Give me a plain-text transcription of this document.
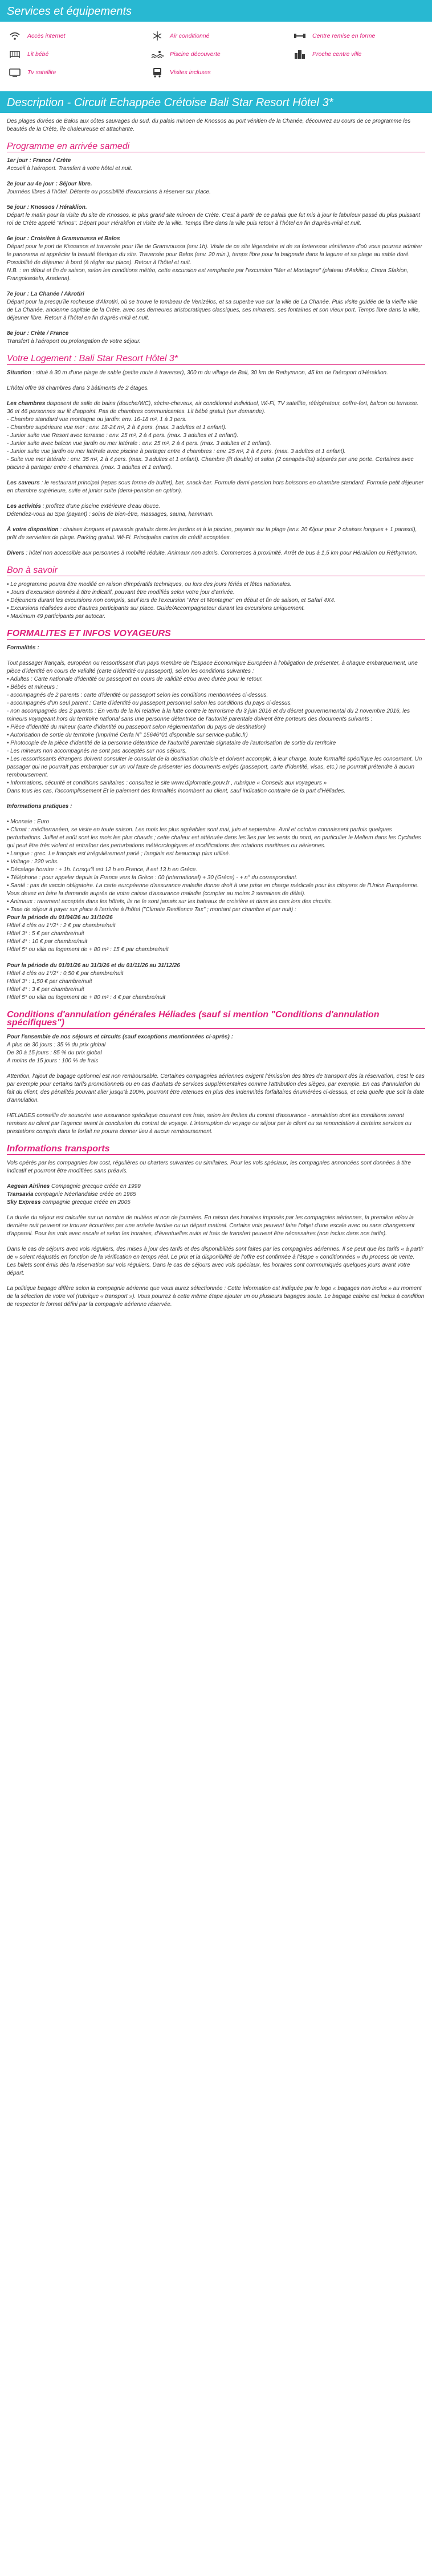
Services et équipements
Accès internet	Air conditionné	Centre remise en forme
Lit bébé	Piscine découverte	Proche centre ville
Tv satellite	Visites incluses
Description - Circuit Echappée Crétoise Bali Star Resort Hôtel 3*

Des plages dorées de Balos aux côtes sauvages du sud, du palais minoen de Knossos au port vénitien de la Chanée, découvrez au cours de ce programme les beautés de la Crète, île chaleureuse et attachante.

Programme en arrivée samedi

1er jour : France / Crète
Accueil à l'aéroport. Transfert à votre hôtel et nuit.

2e jour au 4e jour : Séjour libre.
Journées libres à l'hôtel. Détente ou possibilité d'excursions à réserver sur place.

5e jour : Knossos / Héraklion.
Départ le matin pour la visite du site de Knossos, le plus grand site minoen de Crète. C'est à partir de ce palais que fut mis à jour le fabuleux passé du plus puissant roi de Crète appelé "Minos". Départ pour Héraklion et visite de la ville. Temps libre dans la ville puis retour à l'hôtel en fin d'après-midi et nuit.

6e jour : Croisière à Gramvoussa et Balos
Départ pour le port de Kissamos et traversée pour l'île de Gramvoussa (env.1h). Visite de ce site légendaire et de sa forteresse vénitienne d'où vous pourrez admirer le panorama et apprécier la beauté féerique du site. Traversée pour Balos (env. 20 min.), temps libre pour la baignade dans la lagune et sa plage au sable doré. Possibilité de déjeuner à bord (à régler sur place). Retour à l'hôtel et nuit.
N.B. : en début et fin de saison, selon les conditions météo, cette excursion est remplacée par l'excursion "Mer et Montagne" (plateau d'Askifou, Chora Sfakion, Frangokastelo, Aradena).

7e jour : La Chanée / Akrotiri
Départ pour la presqu'île rocheuse d'Akrotiri, où se trouve le tombeau de Venizélos, et sa superbe vue sur la ville de La Chanée. Puis visite guidée de la vieille ville de La Chanée, ancienne capitale de la Crète, avec ses demeures aristocratiques classiques, ses minarets, ses fontaines et son vieux port. Temps libre dans la ville, déjeuner libre. Retour à l'hôtel en fin d'après-midi et nuit.

8e jour : Crète / France
Transfert à l'aéroport ou prolongation de votre séjour.

Votre Logement : Bali Star Resort Hôtel 3*

Situation : situé à 30 m d'une plage de sable (petite route à traverser), 300 m du village de Bali, 30 km de Rethymnon, 45 km de l'aéroport d'Héraklion.

L'hôtel offre 98 chambres dans 3 bâtiments de 2 étages.

Les chambres disposent de salle de bains (douche/WC), sèche-cheveux, air conditionné individuel, Wi-Fi, TV satellite, réfrigérateur, coffre-fort, balcon ou terrasse. 36 et 46 personnes sur lit d'appoint. Pas de chambres communicantes. Lit bébé gratuit (sur demande).
- Chambre standard vue montagne ou jardin: env. 16-18 m², 1 à 3 pers.
- Chambre supérieure vue mer : env. 18-24 m², 2 à 4 pers. (max. 3 adultes et 1 enfant).
- Junior suite vue Resort avec terrasse : env. 25 m², 2 à 4 pers. (max. 3 adultes et 1 enfant).
- Junior suite avec balcon vue jardin ou mer latérale : env. 25 m², 2 à 4 pers. (max. 3 adultes et 1 enfant).
- Junior suite vue jardin ou mer latérale avec piscine à partager entre 4 chambres : env. 25 m², 2 à 4 pers. (max. 3 adultes et 1 enfant).
- Suite vue mer latérale : env. 35 m², 2 à 4 pers. (max. 3 adultes et 1 enfant). Chambre (lit double) et salon (2 canapés-lits) séparés par une porte. Certaines avec piscine à partager entre 4 chambres. (max. 3 adultes et 1 enfant).

Les saveurs : le restaurant principal (repas sous forme de buffet), bar, snack-bar. Formule demi-pension hors boissons en chambre standard. Formule petit déjeuner en chambre supérieure, suite et junior suite (demi-pension en option).

Les activités : profitez d'une piscine extérieure d'eau douce.
Détendez-vous au Spa (payant) : soins de bien-être, massages, sauna, hammam.

À votre disposition : chaises longues et parasols gratuits dans les jardins et à la piscine, payants sur la plage (env. 20 €/jour pour 2 chaises longues + 1 parasol), prêt de serviettes de plage. Parking gratuit. Wi-Fi. Principales cartes de crédit acceptées.

Divers : hôtel non accessible aux personnes à mobilité réduite. Animaux non admis. Commerces à proximité. Arrêt de bus à 1,5 km pour Héraklion ou Réthymnon.

Bon à savoir
• Le programme pourra être modifié en raison d'impératifs techniques, ou lors des jours fériés et fêtes nationales.
• Jours d'excursion donnés à titre indicatif, pouvant être modifiés selon votre jour d'arrivée.
• Déjeuners durant les excursions non compris, sauf lors de l'excursion "Mer et Montagne" en début et fin de saison, et Safari 4X4.
• Excursions réalisées avec d'autres participants sur place. Guide/Accompagnateur durant les excursions uniquement.
• Maximum 49 participants par autocar.
FORMALITES ET INFOS VOYAGEURS

Formalités :

Tout passager français, européen ou ressortissant d'un pays membre de l'Espace Economique Européen à l'obligation de présenter, à chaque embarquement, une pièce d'identité en cours de validité (carte d'identité ou passeport), selon les conditions suivantes :
• Adultes : Carte nationale d'identité ou passeport en cours de validité et/ou avec durée pour le retour.
• Bébés et mineurs :
- accompagnés de 2 parents : carte d'identité ou passeport selon les conditions mentionnées ci-dessus.
- accompagnés d'un seul parent : Carte d'identité ou passeport personnel selon les conditions du pays ci-dessus.
- non accompagnés des 2 parents : En vertu de la loi relative à la lutte contre le terrorisme du 3 juin 2016 et du décret gouvernemental du 2 novembre 2016, les mineurs voyageant hors du territoire national sans une personne détentrice de l'autorité parentale doivent être porteurs des documents suivants :
• Pièce d'identité du mineur (carte d'identité ou passeport selon réglementation du pays de destination)
• Autorisation de sortie du territoire (Imprimé Cerfa N° 15646*01 disponible sur service-public.fr)
• Photocopie de la pièce d'identité de la personne détentrice de l'autorité parentale signataire de l'autorisation de sortie du territoire
- Les mineurs non accompagnés ne sont pas acceptés sur nos séjours.
• Les ressortissants étrangers doivent consulter le consulat de la destination choisie et doivent accomplir, à leur charge, toute formalité spécifique les concernant. Un passager qui ne pourrait pas embarquer sur un vol faute de présenter les documents exigés (passeport, carte d'identité, visas, etc.) ne pourrait prétendre à aucun remboursement.
• Informations, sécurité et conditions sanitaires : consultez le site www.diplomatie.gouv.fr , rubrique « Conseils aux voyageurs »
Dans tous les cas, l'accomplissement Et le paiement des formalités incombent au client, sauf indication contraire de la part d'Héliades.

Informations pratiques :

• Monnaie : Euro
• Climat : méditerranéen, se visite en toute saison. Les mois les plus agréables sont mai, juin et septembre. Avril et octobre connaissent parfois quelques perturbations. Juillet et août sont les mois les plus chauds ; cette chaleur est atténuée dans les îles par les vents du nord, en particulier le Meltem dans les Cyclades qui peut être très violent et entraîner des perturbations météorologiques et modifications des rotations maritimes ou aériennes.
• Langue : grec. Le français est irrégulièrement parlé ; l'anglais est beaucoup plus utilisé.
• Voltage : 220 volts.
• Décalage horaire : + 1h. Lorsqu'il est 12 h en France, il est 13 h en Grèce.
• Téléphone : pour appeler depuis la France vers la Grèce : 00 (international) + 30 (Grèce) - + n° du correspondant.
• Santé : pas de vaccin obligatoire. La carte européenne d'assurance maladie donne droit à une prise en charge médicale pour les citoyens de l'Union Européenne. Vous devez en faire la demande auprès de votre caisse d'assurance maladie (compter au moins 2 semaines de délai).
• Animaux : rarement acceptés dans les hôtels, ils ne le sont jamais sur les bateaux de croisière et dans les cars lors des circuits.
• Taxe de séjour à payer sur place à l'arrivée à l'hôtel ("Climate Resilience Tax" ; montant par chambre et par nuit) :
Pour la période du 01/04/26 au 31/10/26
Hôtel 4 clés ou 1*/2* : 2 € par chambre/nuit
Hôtel 3* : 5 € par chambre/nuit
Hôtel 4* : 10 € par chambre/nuit
Hôtel 5* ou villa ou logement de + 80 m² : 15 € par chambre/nuit

Pour la période du 01/01/26 au 31/3/26 et du 01/11/26 au 31/12/26
Hôtel 4 clés ou 1*/2* : 0,50 € par chambre/nuit
Hôtel 3* : 1,50 € par chambre/nuit
Hôtel 4* : 3 € par chambre/nuit
Hôtel 5* ou villa ou logement de + 80 m² : 4 € par chambre/nuit

Conditions d'annulation générales Héliades (sauf si mention "Conditions d'annulation spécifiques")

Pour l'ensemble de nos séjours et circuits (sauf exceptions mentionnées ci-après) :
A plus de 30 jours : 35 % du prix global
De 30 à 15 jours : 85 % du prix global
A moins de 15 jours : 100 % de frais

Attention, l'ajout de bagage optionnel est non remboursable. Certaines compagnies aériennes exigent l'émission des titres de transport dès la réservation, c'est le cas par exemple pour certains tarifs promotionnels ou en cas d'achats de services supplémentaires comme l'attribution des sièges, par exemple. En cas d'annulation du fait du client, des pénalités pouvant aller jusqu'à 100%, pourront être retenues en plus des indemnités forfaitaires énumérées ci-dessus, et cela quelle que soit la date d'annulation.

HELIADES conseille de souscrire une assurance spécifique couvrant ces frais, selon les limites du contrat d'assurance - annulation dont les conditions seront remises au client par l'agence avant la conclusion du contrat de voyage. L'interruption du voyage ou séjour par le client ou sa renonciation à certains services ou prestations compris dans le forfait ne pourra donner lieu à aucun remboursement.

Informations transports

Vols opérés par les compagnies low cost, régulières ou charters suivantes ou similaires. Pour les vols spéciaux, les compagnies annoncées sont données à titre indicatif et pourront être modifiées sans préavis.

Aegean Airlines Compagnie grecque créée en 1999
Transavia compagnie Néerlandaise créée en 1965
Sky Express compagnie grecque créée en 2005

La durée du séjour est calculée sur un nombre de nuitées et non de journées. En raison des horaires imposés par les compagnies aériennes, la première et/ou la dernière nuit peuvent se trouver écourtées par une arrivée tardive ou un départ matinal. Certains vols peuvent faire l'objet d'une escale avec ou sans changement d'appareil. Pour les vols avec escale et selon les horaires, d'éventuelles nuits et frais de transfert peuvent être nécessaires (non inclus dans nos tarifs).

Dans le cas de séjours avec vols réguliers, des mises à jour des tarifs et des disponibilités sont faites par les compagnies aériennes. Il se peut que les tarifs « à partir de » soient réajustés en fonction de la vérification en temps réel. Le prix et la disponibilité de l'offre est confirmée à l'étape « conditionnées » du process de vente. Les billets sont émis dès la réservation sur vols réguliers. Dans le cas de séjours avec vols spéciaux, les horaires sont communiqués quelques jours avant votre départ.

La politique bagage diffère selon la compagnie aérienne que vous aurez sélectionnée : Cette information est indiquée par le logo « bagages non inclus » au moment de la sélection de votre vol (rubrique « transport »). Vous pourrez à cette même étape ajouter un ou plusieurs bagages soute. Le bagage cabine est inclus à condition de respecter le format défini par la compagnie aérienne réservée.
